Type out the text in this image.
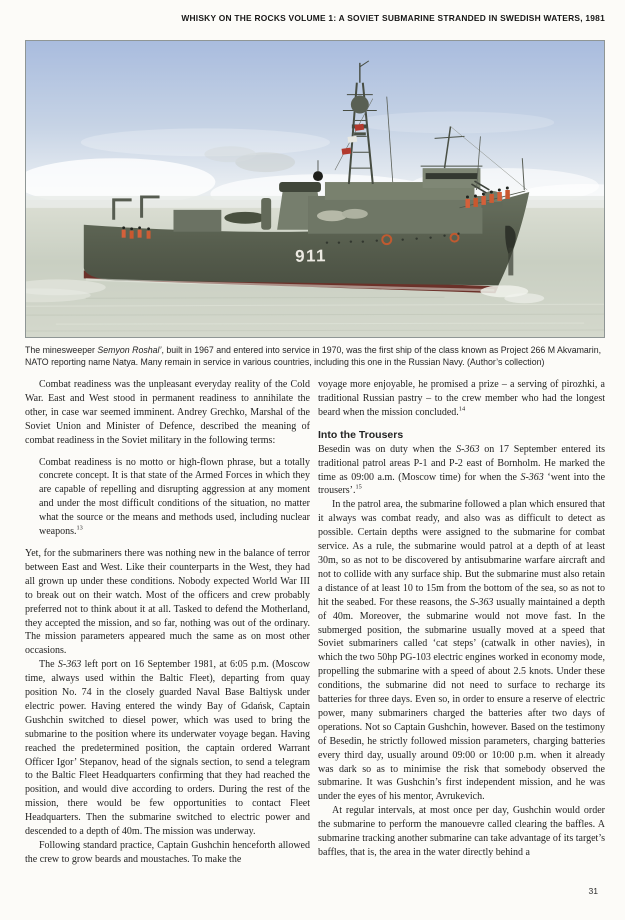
WHISKY ON THE ROCKS VOLUME 1: A SOVIET SUBMARINE STRANDED IN SWEDISH WATERS, 1981
911

The minesweeper Semyon Roshal’, built in 1967 and entered into service in 1970, was the first ship of the class known as Project 266 M Akvamarin, NATO reporting name Natya. Many remain in service in various countries, including this one in the Russian Navy. (Author’s collection)

Combat readiness was the unpleasant everyday reality of the Cold War. East and West stood in permanent readiness to annihilate the other, in case war seemed imminent. Andrey Grechko, Marshal of the Soviet Union and Minister of Defence, described the meaning of combat readiness in the Soviet military in the following terms:

Combat readiness is no motto or high-flown phrase, but a totally concrete concept. It is that state of the Armed Forces in which they are capable of repelling and disrupting aggression at any moment and under the most difficult conditions of the situation, no matter what the source or the means and methods used, including nuclear weapons.$^{13}$

Yet, for the submariners there was nothing new in the balance of terror between East and West. Like their counterparts in the West, they had all grown up under these conditions. Nobody expected World War III to break out on their watch. Most of the officers and crew probably preferred not to think about it at all. Tasked to defend the Motherland, they accepted the mission, and so far, nothing was out of the ordinary. The mission parameters appeared much the same as on most other occasions.

The S-363 left port on 16 September 1981, at 6:05 p.m. (Moscow time, always used within the Baltic Fleet), departing from quay position No. 74 in the closely guarded Naval Base Baltiysk under electric power. Having entered the windy Bay of Gdańsk, Captain Gushchin switched to diesel power, which was used to bring the submarine to the position where its underwater voyage began. Having reached the predetermined position, the captain ordered Warrant Officer Igor’ Stepanov, head of the signals section, to send a telegram to the Baltic Fleet Headquarters confirming that they had reached the position, and would dive according to orders. During the rest of the mission, there would be few opportunities to contact Fleet Headquarters. Then the submarine switched to electric power and descended to a depth of 40m. The mission was underway.

Following standard practice, Captain Gushchin henceforth allowed the crew to grow beards and moustaches. To make the

voyage more enjoyable, he promised a prize – a serving of pirozhki, a traditional Russian pastry – to the crew member who had the longest beard when the mission concluded.$^{14}$

Into the Trousers

Besedin was on duty when the S-363 on 17 September entered its traditional patrol areas P-1 and P-2 east of Bornholm. He marked the time as 09:00 a.m. (Moscow time) for when the S-363 ‘went into the trousers’.$^{15}$

In the patrol area, the submarine followed a plan which ensured that it always was combat ready, and also was as difficult to detect as possible. Certain depths were assigned to the submarine for combat service. As a rule, the submarine would patrol at a depth of at least 30m, so as not to be discovered by antisubmarine warfare aircraft and not to collide with any surface ship. But the submarine must also retain a distance of at least 10 to 15m from the bottom of the sea, so as not to hit the seabed. For these reasons, the S-363 usually maintained a depth of 40m. Moreover, the submarine would not move fast. In the submerged position, the submarine usually moved at a speed that Soviet submariners called ‘cat steps’ (catwalk in other navies), in which the two 50hp PG-103 electric engines worked in economy mode, propelling the submarine with a speed of about 2.5 knots. Under these conditions, the submarine did not need to surface to recharge its batteries for three days. Even so, in order to ensure a reserve of electric power, many submariners charged the batteries after two days of operations. Not so Captain Gushchin, however. Based on the testimony of Besedin, he strictly followed mission parameters, charging batteries every third day, usually around 09:00 or 10:00 p.m. when it already was dark so as to minimise the risk that somebody observed the submarine. It was Gushchin’s first independent mission, and he was under the eyes of his mentor, Avrukevich.

At regular intervals, at most once per day, Gushchin would order the submarine to perform the manouevre called clearing the baffles. A submarine tracking another submarine can take advantage of its target’s baffles, that is, the area in the water directly behind a

31
